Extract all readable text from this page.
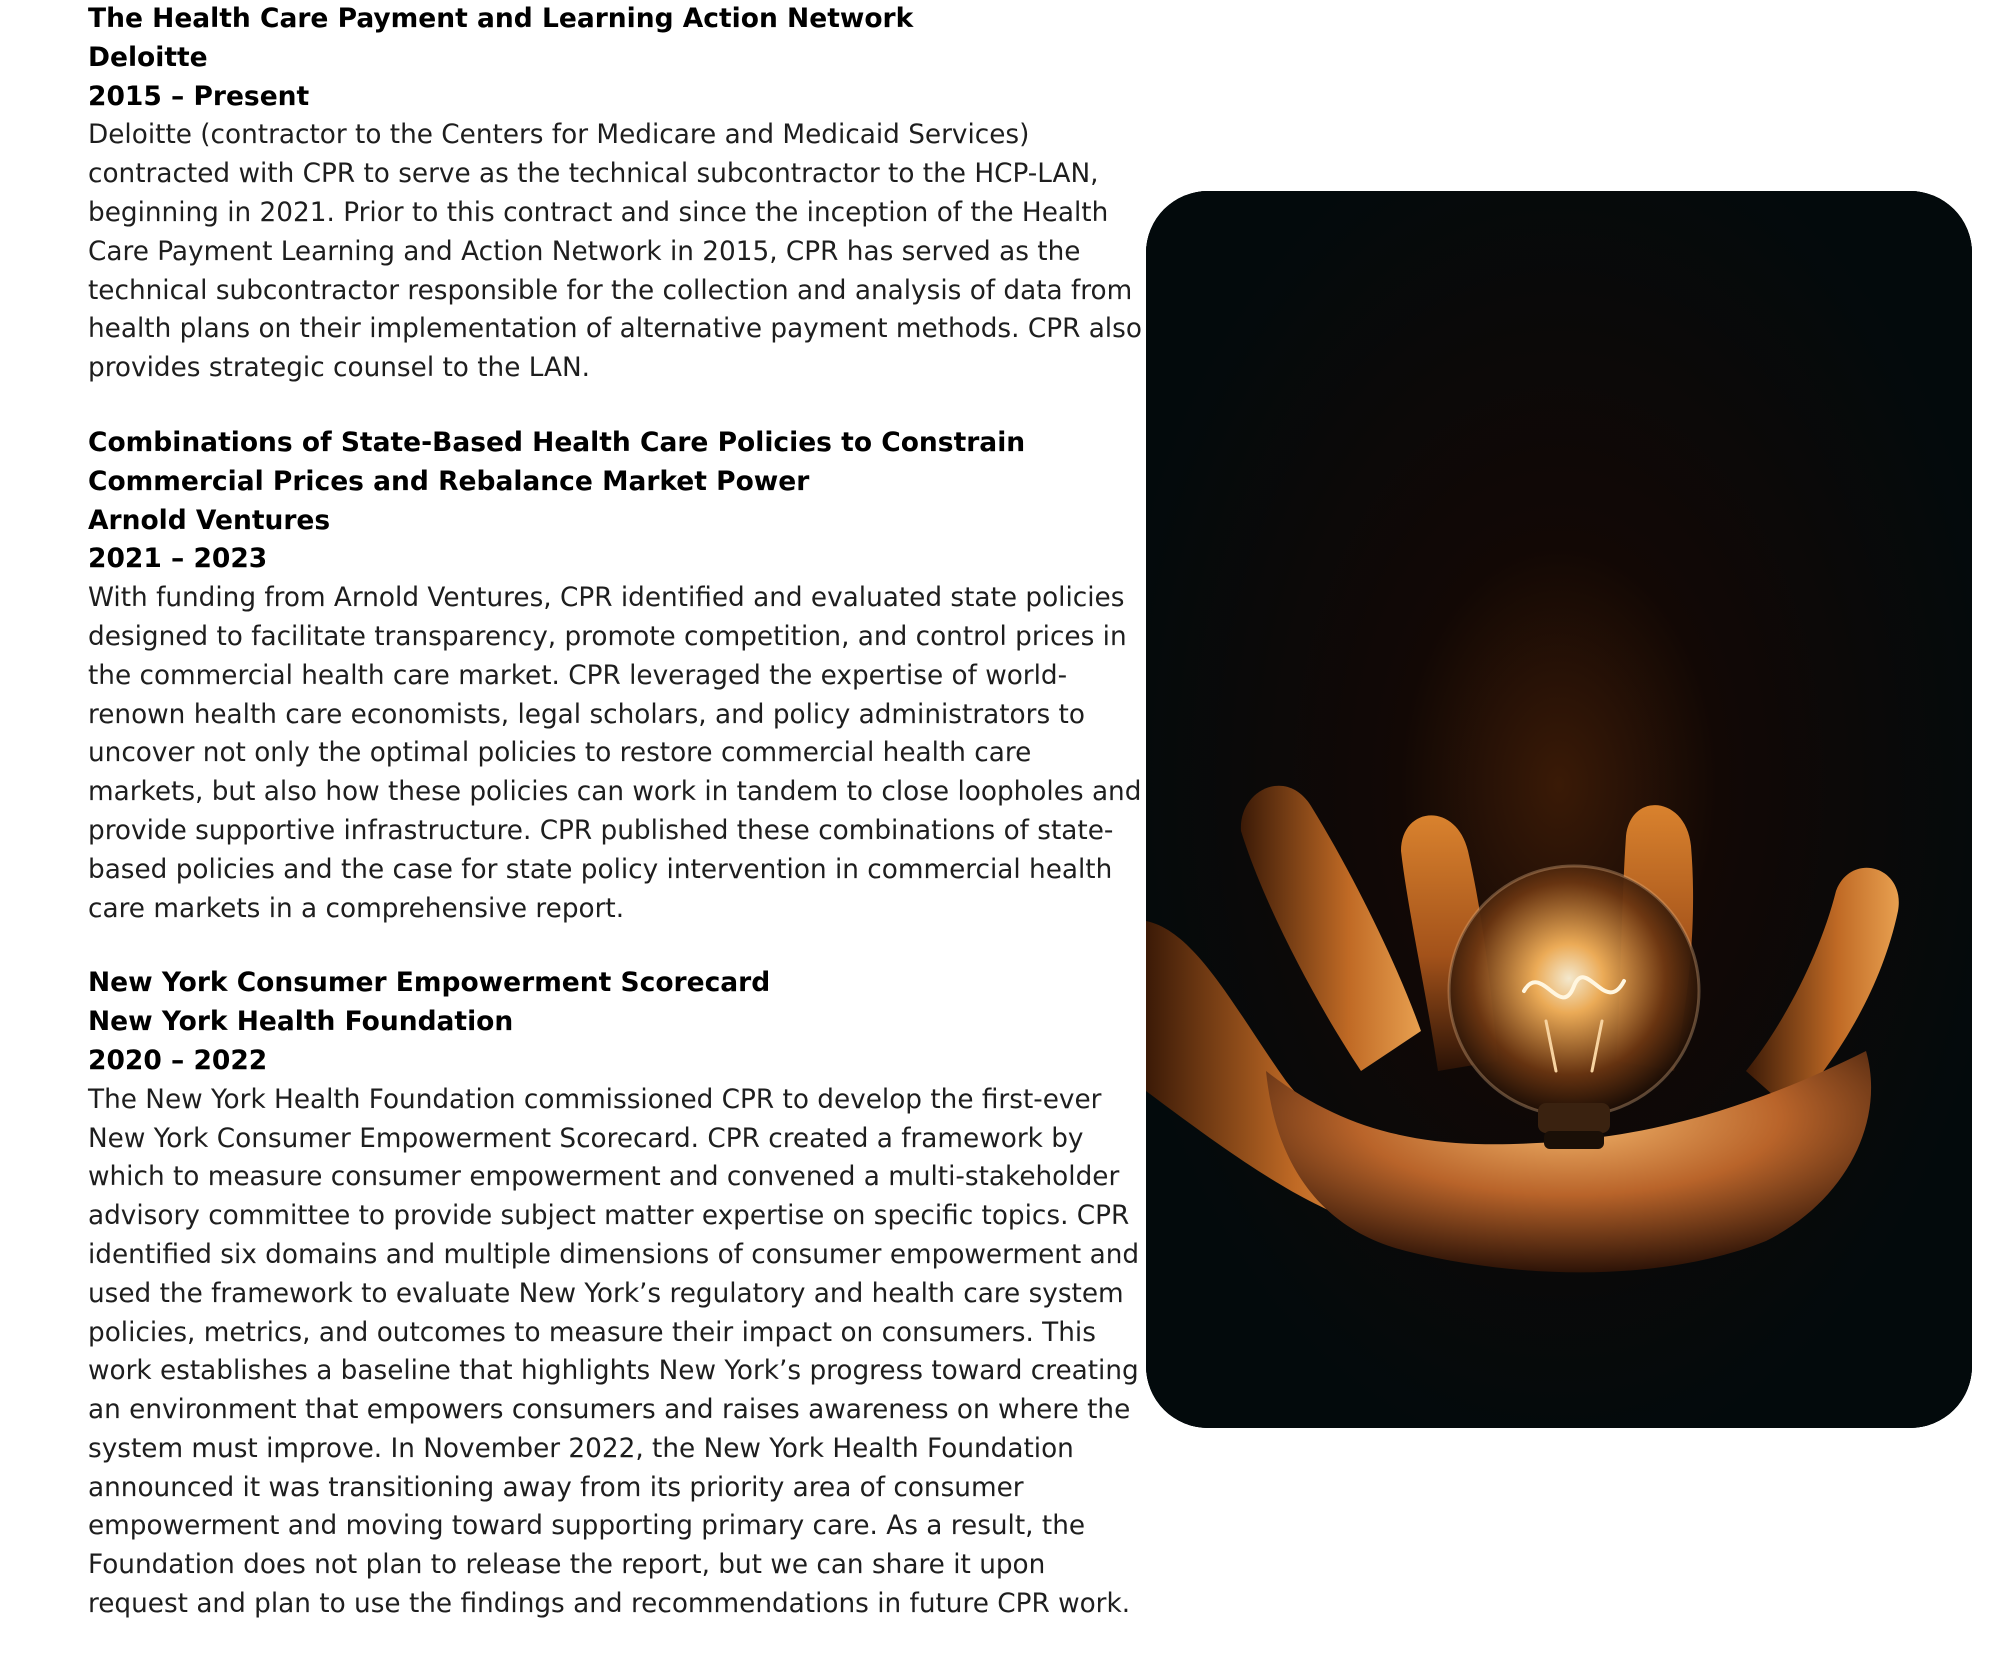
The Health Care Payment and Learning Action Network
Deloitte
2015 – Present

Deloitte (contractor to the Centers for Medicare and Medicaid Services) contracted with CPR to serve as the technical subcontractor to the HCP-LAN, beginning in 2021. Prior to this contract and since the inception of the Health Care Payment Learning and Action Network in 2015, CPR has served as the technical subcontractor responsible for the collection and analysis of data from health plans on their implementation of alternative payment methods. CPR also provides strategic counsel to the LAN.

Combinations of State-Based Health Care Policies to Constrain Commercial Prices and Rebalance Market Power
Arnold Ventures
2021 – 2023

With funding from Arnold Ventures, CPR identified and evaluated state policies designed to facilitate transparency, promote competition, and control prices in the commercial health care market. CPR leveraged the expertise of world-renown health care economists, legal scholars, and policy administrators to uncover not only the optimal policies to restore commercial health care markets, but also how these policies can work in tandem to close loopholes and provide supportive infrastructure. CPR published these combinations of state-based policies and the case for state policy intervention in commercial health care markets in a comprehensive report.

New York Consumer Empowerment Scorecard
New York Health Foundation
2020 – 2022

The New York Health Foundation commissioned CPR to develop the first-ever New York Consumer Empowerment Scorecard. CPR created a framework by which to measure consumer empowerment and convened a multi-stakeholder advisory committee to provide subject matter expertise on specific topics. CPR identified six domains and multiple dimensions of consumer empowerment and used the framework to evaluate New York’s regulatory and health care system policies, metrics, and outcomes to measure their impact on consumers. This work establishes a baseline that highlights New York’s progress toward creating an environment that empowers consumers and raises awareness on where the system must improve. In November 2022, the New York Health Foundation announced it was transitioning away from its priority area of consumer empowerment and moving toward supporting primary care. As a result, the Foundation does not plan to release the report, but we can share it upon request and plan to use the findings and recommendations in future CPR work.
